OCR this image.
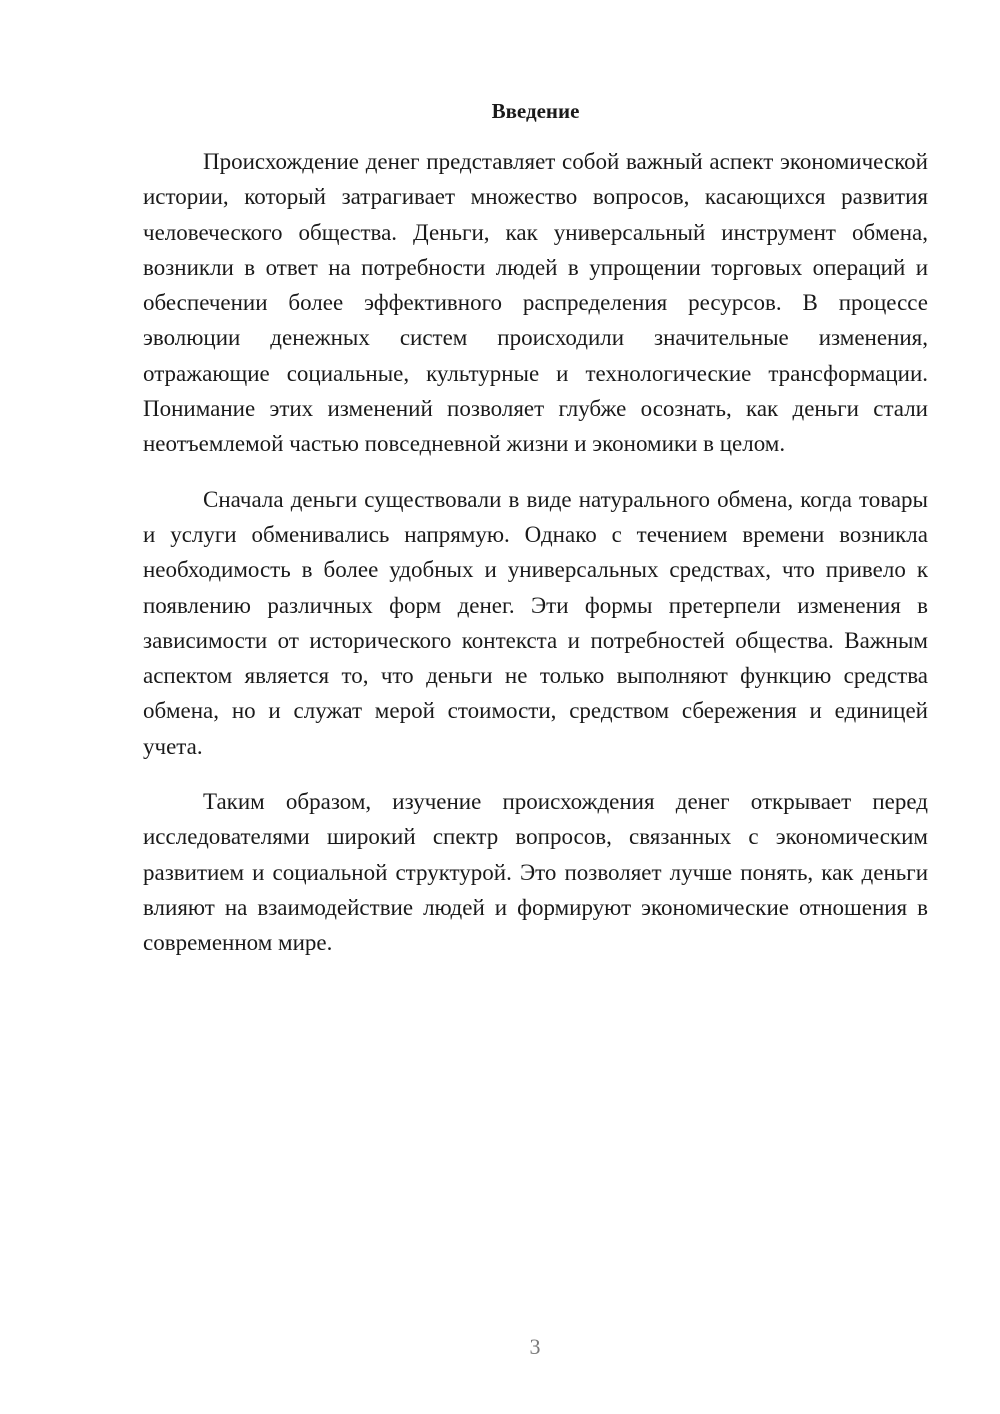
Введение

Происхождение денег представляет собой важный аспект экономической истории, который затрагивает множество вопросов, касающихся развития человеческого общества. Деньги, как универсальный инструмент обмена, возникли в ответ на потребности людей в упрощении торговых операций и обеспечении более эффективного распределения ресурсов. В процессе эволюции денежных систем происходили значительные изменения, отражающие социальные, культурные и технологические трансформации. Понимание этих изменений позволяет глубже осознать, как деньги стали неотъемлемой частью повседневной жизни и экономики в целом.

Сначала деньги существовали в виде натурального обмена, когда товары и услуги обменивались напрямую. Однако с течением времени возникла необходимость в более удобных и универсальных средствах, что привело к появлению различных форм денег. Эти формы претерпели изменения в зависимости от исторического контекста и потребностей общества. Важным аспектом является то, что деньги не только выполняют функцию средства обмена, но и служат мерой стоимости, средством сбережения и единицей учета.

Таким образом, изучение происхождения денег открывает перед исследователями широкий спектр вопросов, связанных с экономическим развитием и социальной структурой. Это позволяет лучше понять, как деньги влияют на взаимодействие людей и формируют экономические отношения в современном мире.

3
